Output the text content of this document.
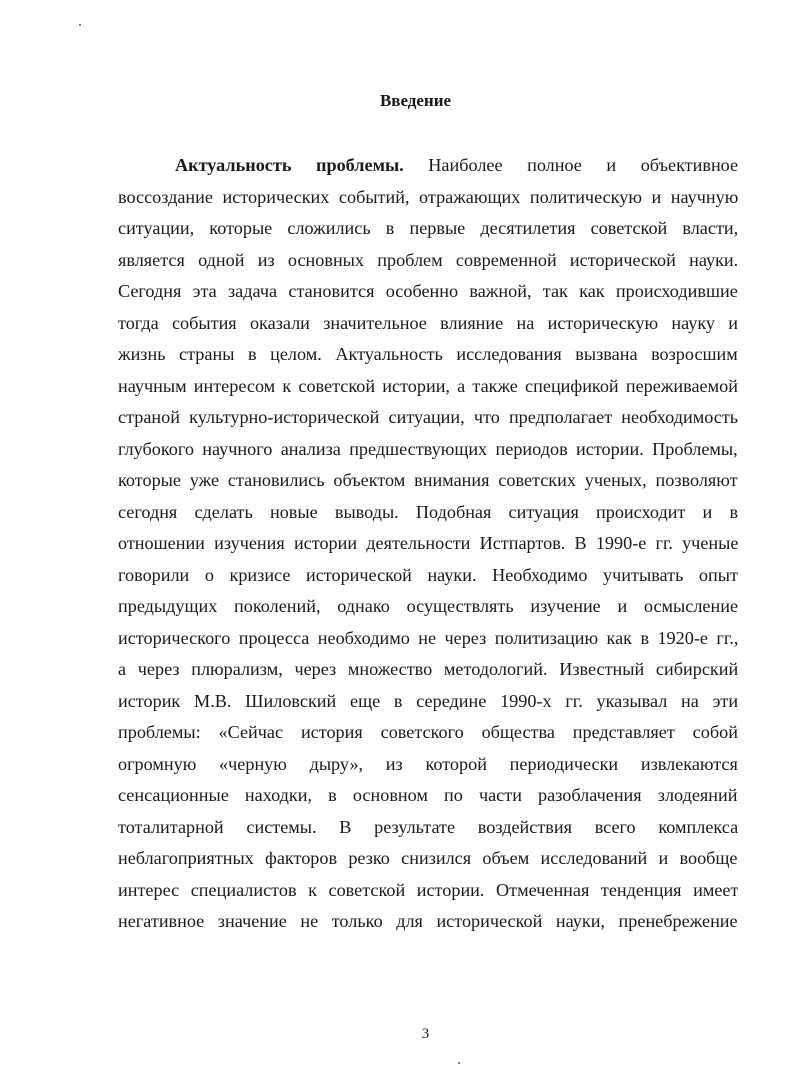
Введение
Актуальность проблемы. Наиболее полное и объективное
воссоздание исторических событий, отражающих политическую и научную
ситуации, которые сложились в первые десятилетия советской власти,
является одной из основных проблем современной исторической науки.
Сегодня эта задача становится особенно важной, так как происходившие
тогда события оказали значительное влияние на историческую науку и
жизнь страны в целом. Актуальность исследования вызвана возросшим
научным интересом к советской истории, а также спецификой переживаемой
страной культурно-исторической ситуации, что предполагает необходимость
глубокого научного анализа предшествующих периодов истории. Проблемы,
которые уже становились объектом внимания советских ученых, позволяют
сегодня сделать новые выводы. Подобная ситуация происходит и в
отношении изучения истории деятельности Истпартов. В 1990-е гг. ученые
говорили о кризисе исторической науки. Необходимо учитывать опыт
предыдущих поколений, однако осуществлять изучение и осмысление
исторического процесса необходимо не через политизацию как в 1920-е гг.,
а через плюрализм, через множество методологий. Известный сибирский
историк М.В. Шиловский еще в середине 1990-х гг. указывал на эти
проблемы: «Сейчас история советского общества представляет собой
огромную «черную дыру», из которой периодически извлекаются
сенсационные находки, в основном по части разоблачения злодеяний
тоталитарной системы. В результате воздействия всего комплекса
неблагоприятных факторов резко снизился объем исследований и вообще
интерес специалистов к советской истории. Отмеченная тенденция имеет
негативное значение не только для исторической науки, пренебрежение
3
